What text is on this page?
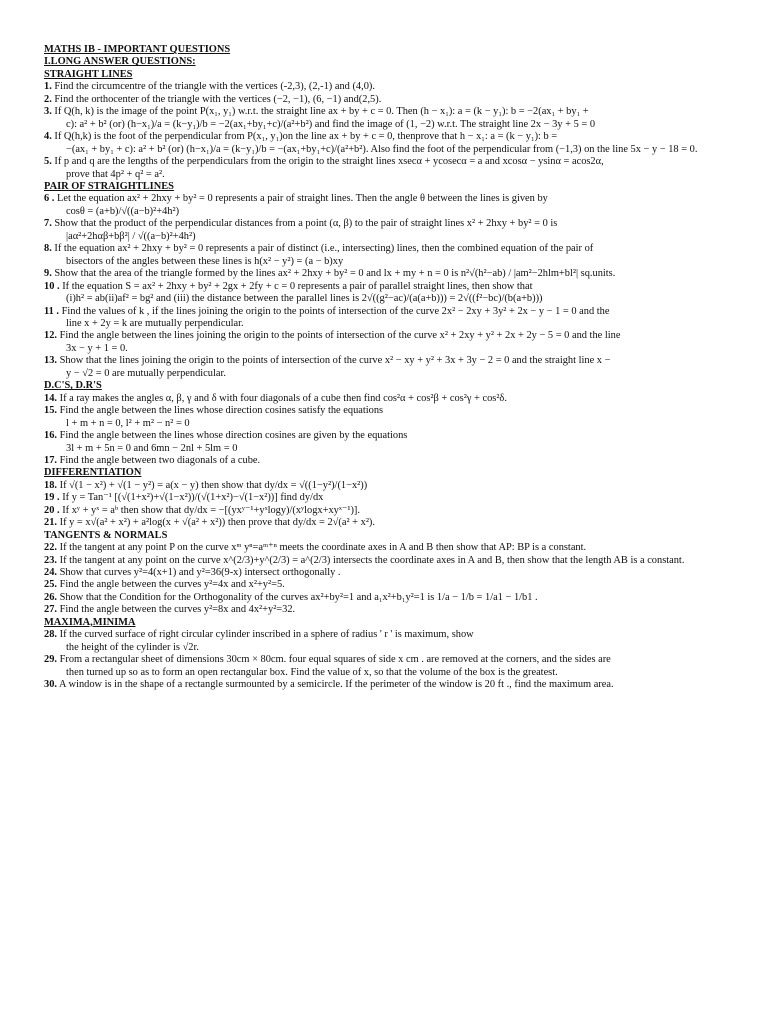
MATHS IB - IMPORTANT QUESTIONS
I.LONG ANSWER QUESTIONS:
STRAIGHT LINES
1. Find the circumcentre of the triangle with the vertices (-2,3), (2,-1) and (4,0).
2. Find the orthocenter of the triangle with the vertices (−2, −1), (6, −1) and(2,5).
3. If Q(h, k) is the image of the point P(x₁, y₁) w.r.t. the straight line ax + by + c = 0. Then (h − x₁): a = (k − y₁): b = −2(ax₁ + by₁ +
c): a² + b² (or) (h−x₁)/a = (k−y₁)/b = −2(ax₁+by₁+c)/(a²+b²) and find the image of (1, −2) w.r.t. The straight line 2x − 3y + 5 = 0
4. If Q(h,k) is the foot of the perpendicular from P(x₁, y₁)on the line ax + by + c = 0, thenprove that h − x₁: a = (k − y₁): b =
−(ax₁ + by₁ + c): a² + b² (or) (h−x₁)/a = (k−y₁)/b = −(ax₁+by₁+c)/(a²+b²). Also find the foot of the perpendicular from (−1,3) on the line 5x − y − 18 = 0.
5. If p and q are the lengths of the perpendiculars from the origin to the straight lines xsecα + ycosecα = a and xcosα − ysinα = acos2α,
prove that 4p² + q² = a².
PAIR OF STRAIGHTLINES
6 . Let the equation ax² + 2hxy + by² = 0 represents a pair of straight lines. Then the angle θ between the lines is given by
cosθ = (a+b)/√((a−b)²+4h²)
7. Show that the product of the perpendicular distances from a point (α, β) to the pair of straight lines x² + 2hxy + by² = 0 is
|aα²+2hαβ+bβ²| / √((a−b)²+4h²)
8. If the equation ax² + 2hxy + by² = 0 represents a pair of distinct (i.e., intersecting) lines, then the combined equation of the pair of
bisectors of the angles between these lines is h(x² − y²) = (a − b)xy
9. Show that the area of the triangle formed by the lines ax² + 2hxy + by² = 0 and lx + my + n = 0 is n²√(h²−ab) / |am²−2hlm+bl²| sq.units.
10 . If the equation S = ax² + 2hxy + by² + 2gx + 2fy + c = 0 represents a pair of parallel straight lines, then show that
(i)h² = ab(ii)af² = bg² and (iii) the distance between the parallel lines is 2√((g²−ac)/(a(a+b))) = 2√((f²−bc)/(b(a+b)))
11 . Find the values of k , if the lines joining the origin to the points of intersection of the curve 2x² − 2xy + 3y² + 2x − y − 1 = 0 and the
line x + 2y = k are mutually perpendicular.
12. Find the angle between the lines joining the origin to the points of intersection of the curve x² + 2xy + y² + 2x + 2y − 5 = 0 and the line
3x − y + 1 = 0.
13. Show that the lines joining the origin to the points of intersection of the curve x² − xy + y² + 3x + 3y − 2 = 0 and the straight line x −
y − √2 = 0 are mutually perpendicular.
D.C'S, D.R'S
14. If a ray makes the angles α, β, γ and δ with four diagonals of a cube then find cos²α + cos²β + cos²γ + cos²δ.
15. Find the angle between the lines whose direction cosines satisfy the equations
l + m + n = 0, l² + m² − n² = 0
16. Find the angle between the lines whose direction cosines are given by the equations
3l + m + 5n = 0 and 6mn − 2nl + 5lm = 0
17. Find the angle between two diagonals of a cube.
DIFFERENTIATION
18. If √(1 − x²) + √(1 − y²) = a(x − y) then show that dy/dx = √((1−y²)/(1−x²))
19 . If y = Tan⁻¹ [(√(1+x²)+√(1−x²))/(√(1+x²)−√(1−x²))] find dy/dx
20 . If xʸ + yˣ = aᵇ then show that dy/dx = −[(yxʸ⁻¹+yˣlogy)/(xʸlogx+xyˣ⁻¹)].
21. If y = x√(a² + x²) + a²log(x + √(a² + x²)) then prove that dy/dx = 2√(a² + x²).
TANGENTS & NORMALS
22. If the tangent at any point P on the curve xᵐ yⁿ=aᵐ⁺ⁿ meets the coordinate axes in A and B then show that AP: BP is a constant.
23. If the tangent at any point on the curve x^(2/3)+y^(2/3) = a^(2/3) intersects the coordinate axes in A and B, then show that the length AB is a constant.
24. Show that curves y²=4(x+1) and y²=36(9-x) intersect orthogonally .
25. Find the angle between the curves y²=4x and x²+y²=5.
26. Show that the Condition for the Orthogonality of the curves ax²+by²=1 and a₁x²+b₁y²=1 is 1/a − 1/b = 1/a1 − 1/b1 .
27. Find the angle between the curves y²=8x and 4x²+y²=32.
MAXIMA,MINIMA
28. If the curved surface of right circular cylinder inscribed in a sphere of radius ' r ' is maximum, show
the height of the cylinder is √2r.
29. From a rectangular sheet of dimensions 30cm × 80cm. four equal squares of side x cm . are removed at the corners, and the sides are
then turned up so as to form an open rectangular box. Find the value of x, so that the volume of the box is the greatest.
30. A window is in the shape of a rectangle surmounted by a semicircle. If the perimeter of the window is 20 ft ., find the maximum area.
